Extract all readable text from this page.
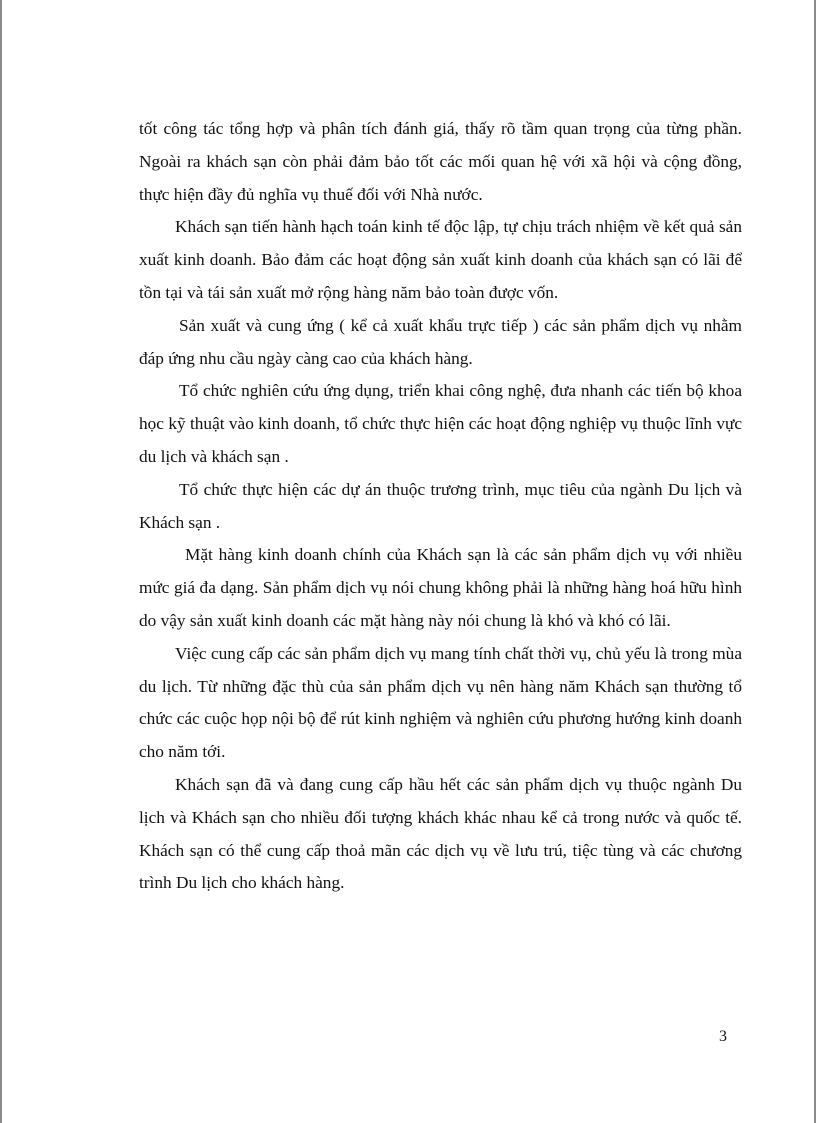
tốt công tác tổng hợp và phân tích đánh giá, thấy rõ tầm quan trọng của từng phần. Ngoài ra khách sạn còn phải đảm bảo tốt các mối quan hệ với xã hội và cộng đồng, thực hiện đầy đủ nghĩa vụ thuế đối với Nhà nước.

Khách sạn tiến hành hạch toán kinh tế độc lập, tự chịu trách nhiệm về kết quả sản xuất kinh doanh. Bảo đảm các hoạt động sản xuất kinh doanh của khách sạn có lãi để tồn tại và tái sản xuất mở rộng hàng năm bảo toàn được vốn.

Sản xuất và cung ứng ( kể cả xuất khẩu trực tiếp ) các sản phẩm dịch vụ nhằm đáp ứng nhu cầu ngày càng cao của khách hàng.

Tổ chức nghiên cứu ứng dụng, triển khai công nghệ, đưa nhanh các tiến bộ khoa học kỹ thuật vào kinh doanh, tổ chức thực hiện các hoạt động nghiệp vụ thuộc lĩnh vực du lịch và khách sạn .

Tổ chức thực hiện các dự án thuộc trương trình, mục tiêu của ngành Du lịch và Khách sạn .

Mặt hàng kinh doanh chính của Khách sạn là các sản phẩm dịch vụ với nhiều mức giá đa dạng. Sản phẩm dịch vụ nói chung không phải là những hàng hoá hữu hình do vậy sản xuất kinh doanh các mặt hàng này nói chung là khó và khó có lãi.

Việc cung cấp các sản phẩm dịch vụ mang tính chất thời vụ, chủ yếu là trong mùa du lịch. Từ những đặc thù của sản phẩm dịch vụ nên hàng năm Khách sạn thường tổ chức các cuộc họp nội bộ để rút kinh nghiệm và nghiên cứu phương hướng kinh doanh cho năm tới.

Khách sạn đã và đang cung cấp hầu hết các sản phẩm dịch vụ thuộc ngành Du lịch và Khách sạn cho nhiều đối tượng khách khác nhau kể cả trong nước và quốc tế. Khách sạn có thể cung cấp thoả mãn các dịch vụ về lưu trú, tiệc tùng và các chương trình Du lịch cho khách hàng.

3
